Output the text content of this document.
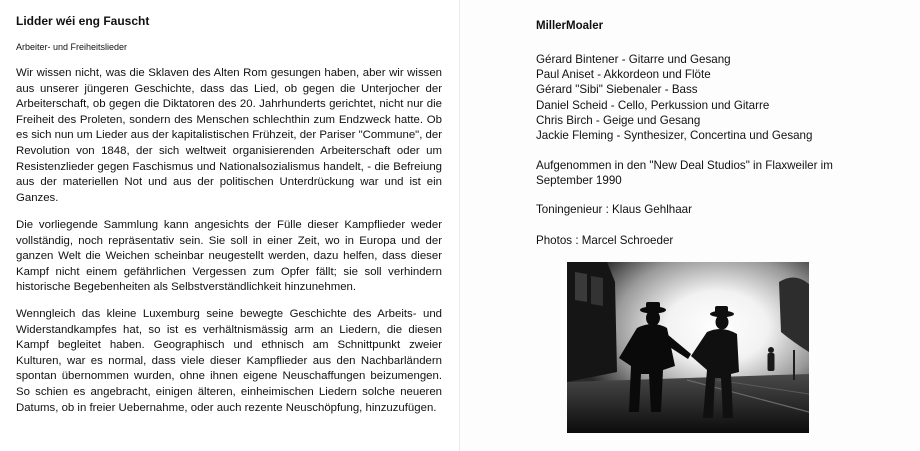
Lidder wéi eng Fauscht

Arbeiter- und Freiheitslieder

Wir wissen nicht, was die Sklaven des Alten Rom gesungen haben, aber wir wissen aus unserer jüngeren Geschichte, dass das Lied, ob gegen die Unterjocher der Arbeiterschaft, ob gegen die Diktatoren des 20. Jahrhunderts gerichtet, nicht nur die Freiheit des Proleten, sondern des Menschen schlechthin zum Endzweck hatte. Ob es sich nun um Lieder aus der kapitalistischen Frühzeit, der Pariser "Commune", der Revolution von 1848, der sich weltweit organisierenden Arbeiterschaft oder um Resistenzlieder gegen Faschismus und Nationalsozialismus handelt, - die Befreiung aus der materiellen Not und aus der politischen Unterdrückung war und ist ein Ganzes.

Die vorliegende Sammlung kann angesichts der Fülle dieser Kampflieder weder vollständig, noch repräsentativ sein. Sie soll in einer Zeit, wo in Europa und der ganzen Welt die Weichen scheinbar neugestellt werden, dazu helfen, dass dieser Kampf nicht einem gefährlichen Vergessen zum Opfer fällt; sie soll verhindern historische Begebenheiten als Selbstverständlichkeit hinzunehmen.

Wenngleich das kleine Luxemburg seine bewegte Geschichte des Arbeits- und Widerstandkampfes hat, so ist es verhältnismässig arm an Liedern, die diesen Kampf begleitet haben. Geographisch und ethnisch am Schnittpunkt zweier Kulturen, war es normal, dass viele dieser Kampflieder aus den Nachbarländern spontan übernommen wurden, ohne ihnen eigene Neuschaffungen beizumengen. So schien es angebracht, einigen älteren, einheimischen Liedern solche neueren Datums, ob in freier Uebernahme, oder auch rezente Neuschöpfung, hinzuzufügen.

MillerMoaler
Gérard Bintener - Gitarre und Gesang
Paul Aniset - Akkordeon und Flöte
Gérard "Sibi" Siebenaler - Bass
Daniel Scheid - Cello, Perkussion und Gitarre
Chris Birch - Geige und Gesang
Jackie Fleming - Synthesizer, Concertina und Gesang

Aufgenommen in den "New Deal Studios" in Flaxweiler im September 1990

Toningenieur : Klaus Gehlhaar

Photos : Marcel Schroeder
